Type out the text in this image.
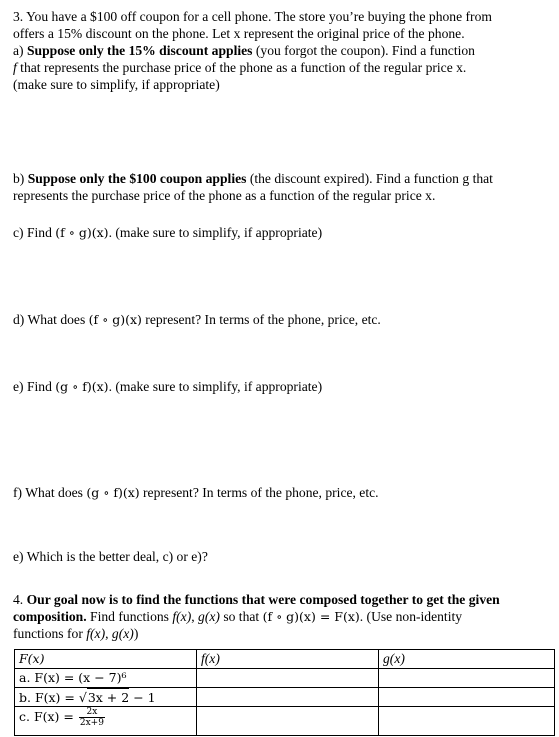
3. You have a $100 off coupon for a cell phone. The store you’re buying the phone from

offers a 15% discount on the phone. Let x represent the original price of the phone.

a) Suppose only the 15% discount applies (you forgot the coupon). Find a function

f that represents the purchase price of the phone as a function of the regular price x.

(make sure to simplify, if appropriate)

b) Suppose only the $100 coupon applies (the discount expired). Find a function g that

represents the purchase price of the phone as a function of the regular price x.

c) Find (f ∘ g)(x). (make sure to simplify, if appropriate)

d) What does (f ∘ g)(x) represent? In terms of the phone, price, etc.

e) Find (g ∘ f)(x). (make sure to simplify, if appropriate)

f) What does (g ∘ f)(x) represent? In terms of the phone, price, etc.

e) Which is the better deal, c) or e)?

4. Our goal now is to find the functions that were composed together to get the given

composition. Find functions f(x), g(x) so that (f ∘ g)(x) = F(x). (Use non-identity

functions for f(x), g(x))

F(x)	f(x)	g(x)
a. F(x) = (x − 7)⁶		
b. F(x) = √3x + 2 − 1		
c. $F(x) = \frac{2x}{2x+9}$
